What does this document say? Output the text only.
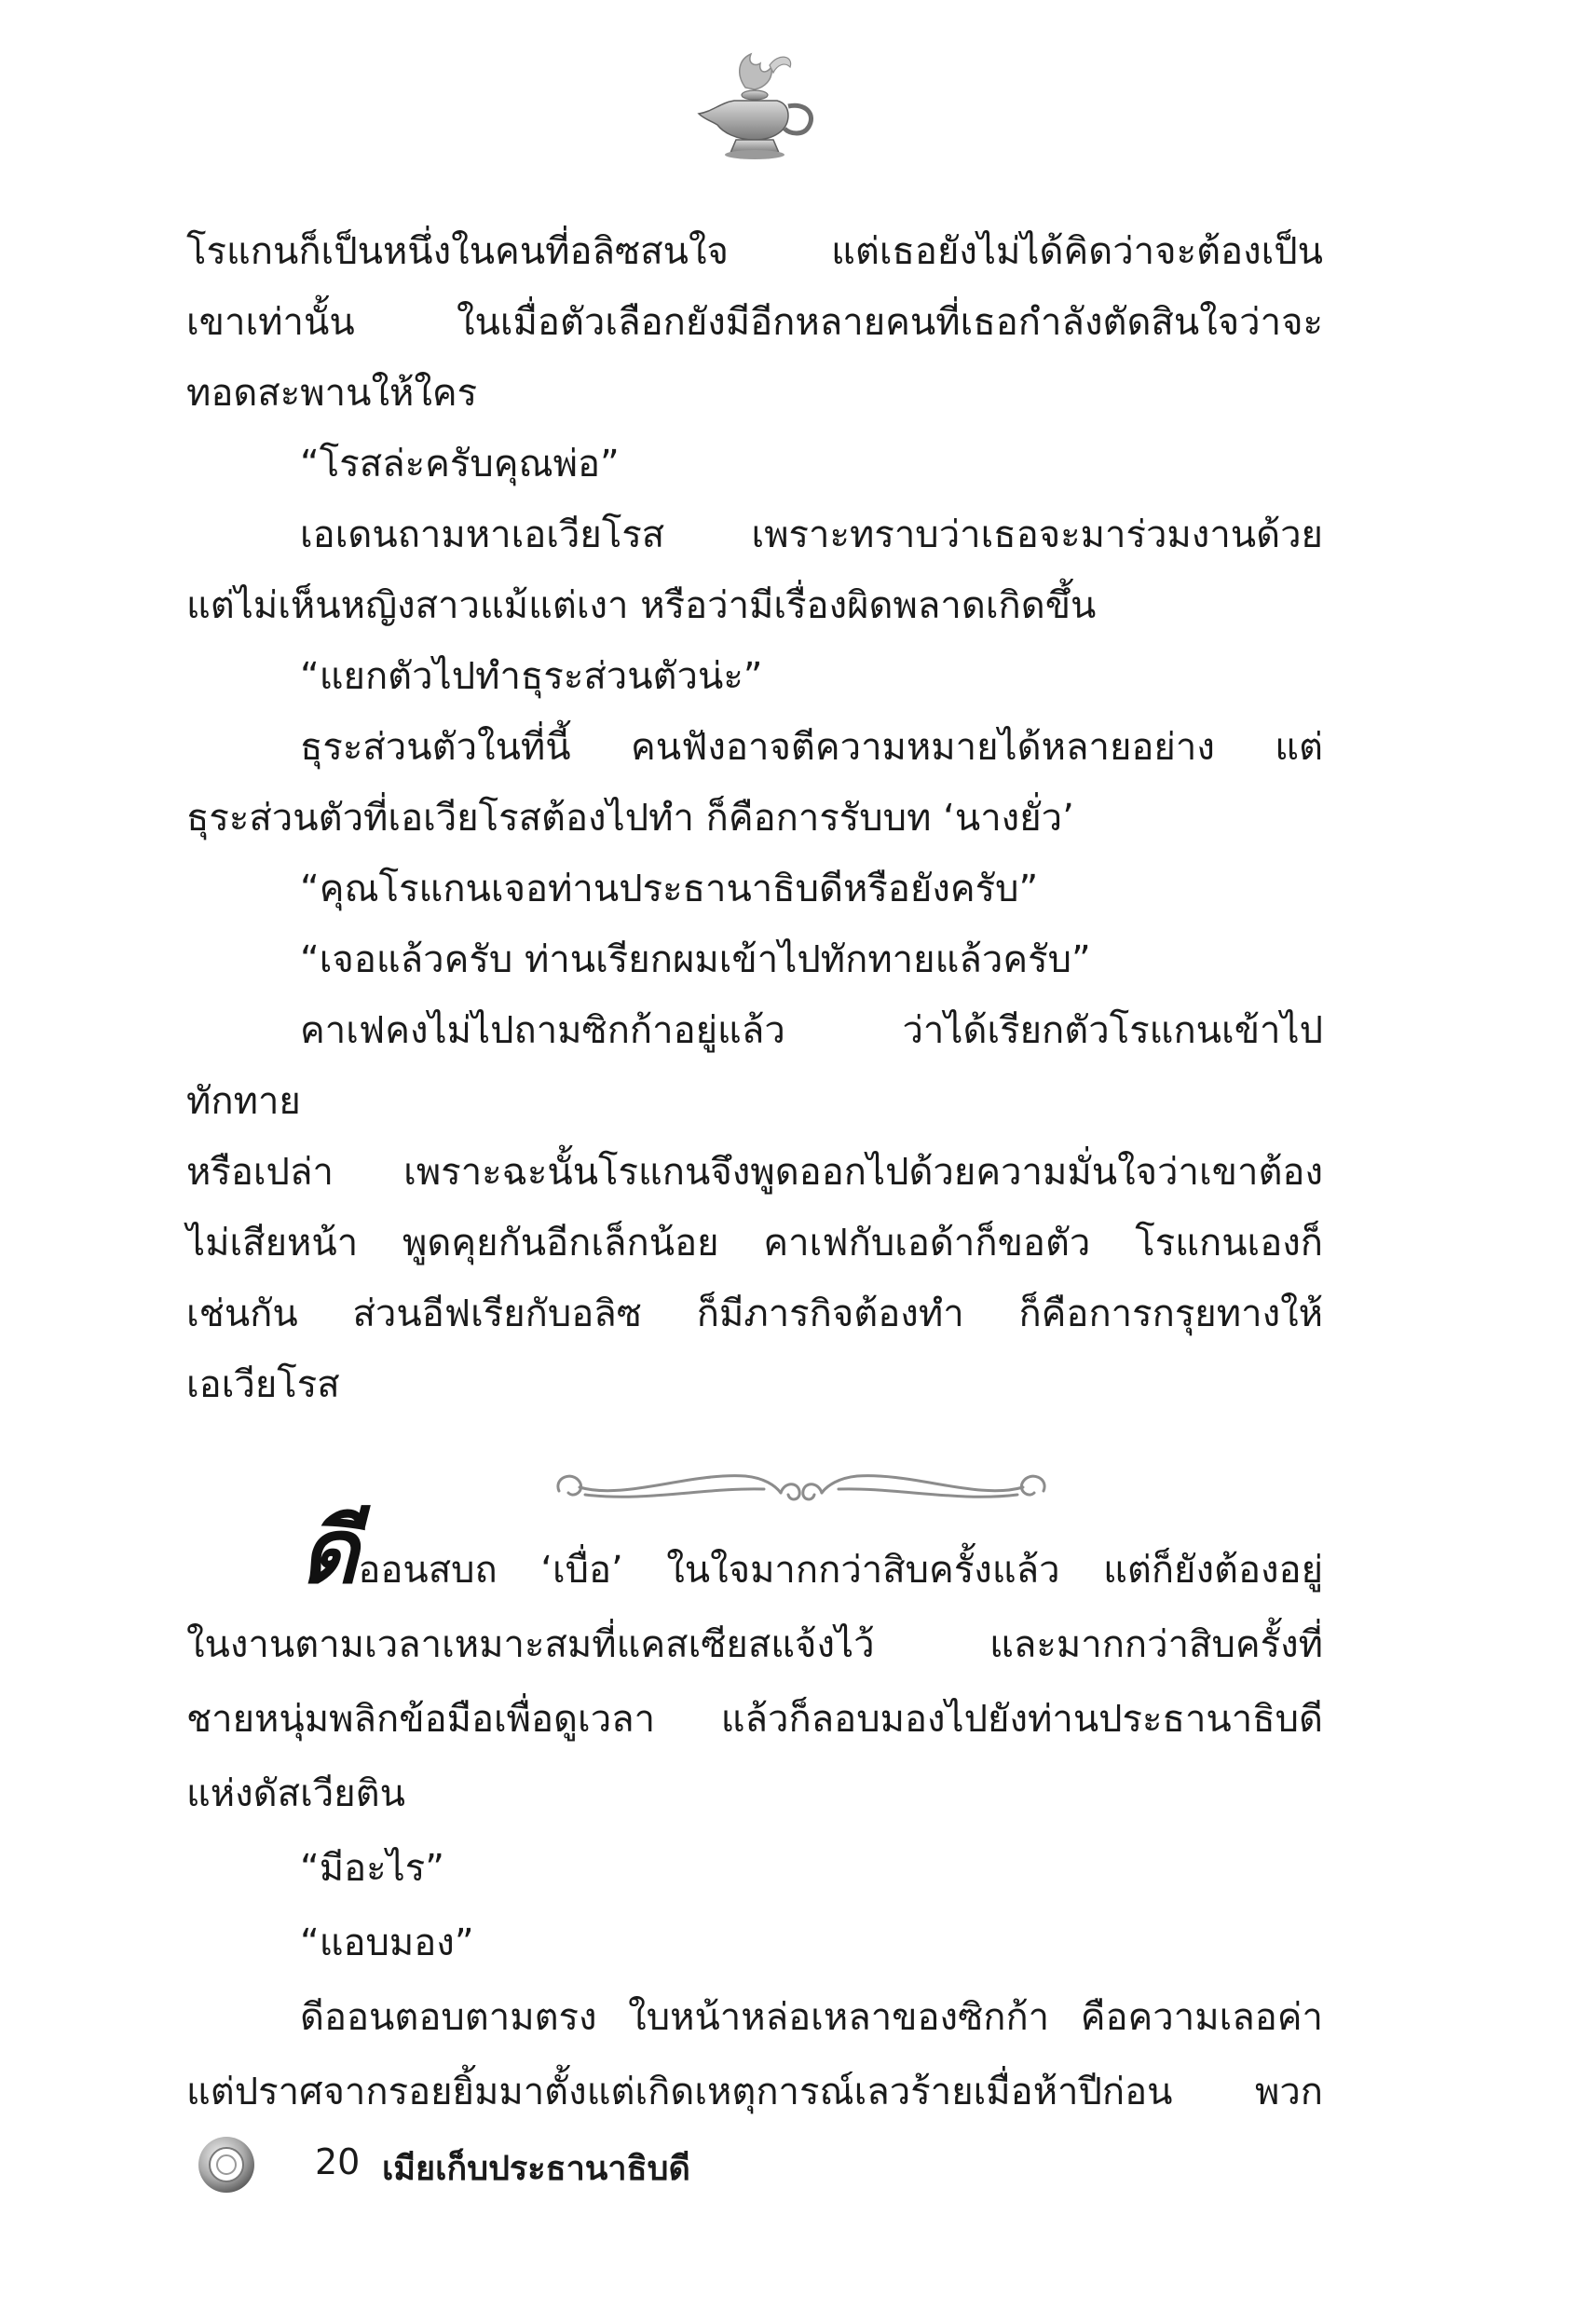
โรแกนก็เป็นหนึ่งในคนที่อลิซสนใจ แต่เธอยังไม่ได้คิดว่าจะต้องเป็น
เขาเท่านั้น ในเมื่อตัวเลือกยังมีอีกหลายคนที่เธอกำลังตัดสินใจว่าจะ
ทอดสะพานให้ใคร
“โรสล่ะครับคุณพ่อ”
เอเดนถามหาเอเวียโรส เพราะทราบว่าเธอจะมาร่วมงานด้วย
แต่ไม่เห็นหญิงสาวแม้แต่เงา หรือว่ามีเรื่องผิดพลาดเกิดขึ้น
“แยกตัวไปทำธุระส่วนตัวน่ะ”
ธุระส่วนตัวในที่นี้ คนฟังอาจตีความหมายได้หลายอย่าง แต่
ธุระส่วนตัวที่เอเวียโรสต้องไปทำ ก็คือการรับบท ‘นางยั่ว’
“คุณโรแกนเจอท่านประธานาธิบดีหรือยังครับ”
“เจอแล้วครับ ท่านเรียกผมเข้าไปทักทายแล้วครับ”
คาเฟคงไม่ไปถามซิกก้าอยู่แล้ว ว่าได้เรียกตัวโรแกนเข้าไปทักทาย
หรือเปล่า เพราะฉะนั้นโรแกนจึงพูดออกไปด้วยความมั่นใจว่าเขาต้อง
ไม่เสียหน้า พูดคุยกันอีกเล็กน้อย คาเฟกับเอด้าก็ขอตัว โรแกนเองก็
เช่นกัน ส่วนอีฟเรียกับอลิซ ก็มีภารกิจต้องทำ ก็คือการกรุยทางให้
เอเวียโรส
ดีออนสบถ ‘เบื่อ’ ในใจมากกว่าสิบครั้งแล้ว แต่ก็ยังต้องอยู่
ในงานตามเวลาเหมาะสมที่แคสเซียสแจ้งไว้ และมากกว่าสิบครั้งที่
ชายหนุ่มพลิกข้อมือเพื่อดูเวลา แล้วก็ลอบมองไปยังท่านประธานาธิบดี
แห่งดัสเวียติน
“มีอะไร”
“แอบมอง”
ดีออนตอบตามตรง ใบหน้าหล่อเหลาของซิกก้า คือความเลอค่า
แต่ปราศจากรอยยิ้มมาตั้งแต่เกิดเหตุการณ์เลวร้ายเมื่อห้าปีก่อน พวก
20 เมียเก็บประธานาธิบดี
